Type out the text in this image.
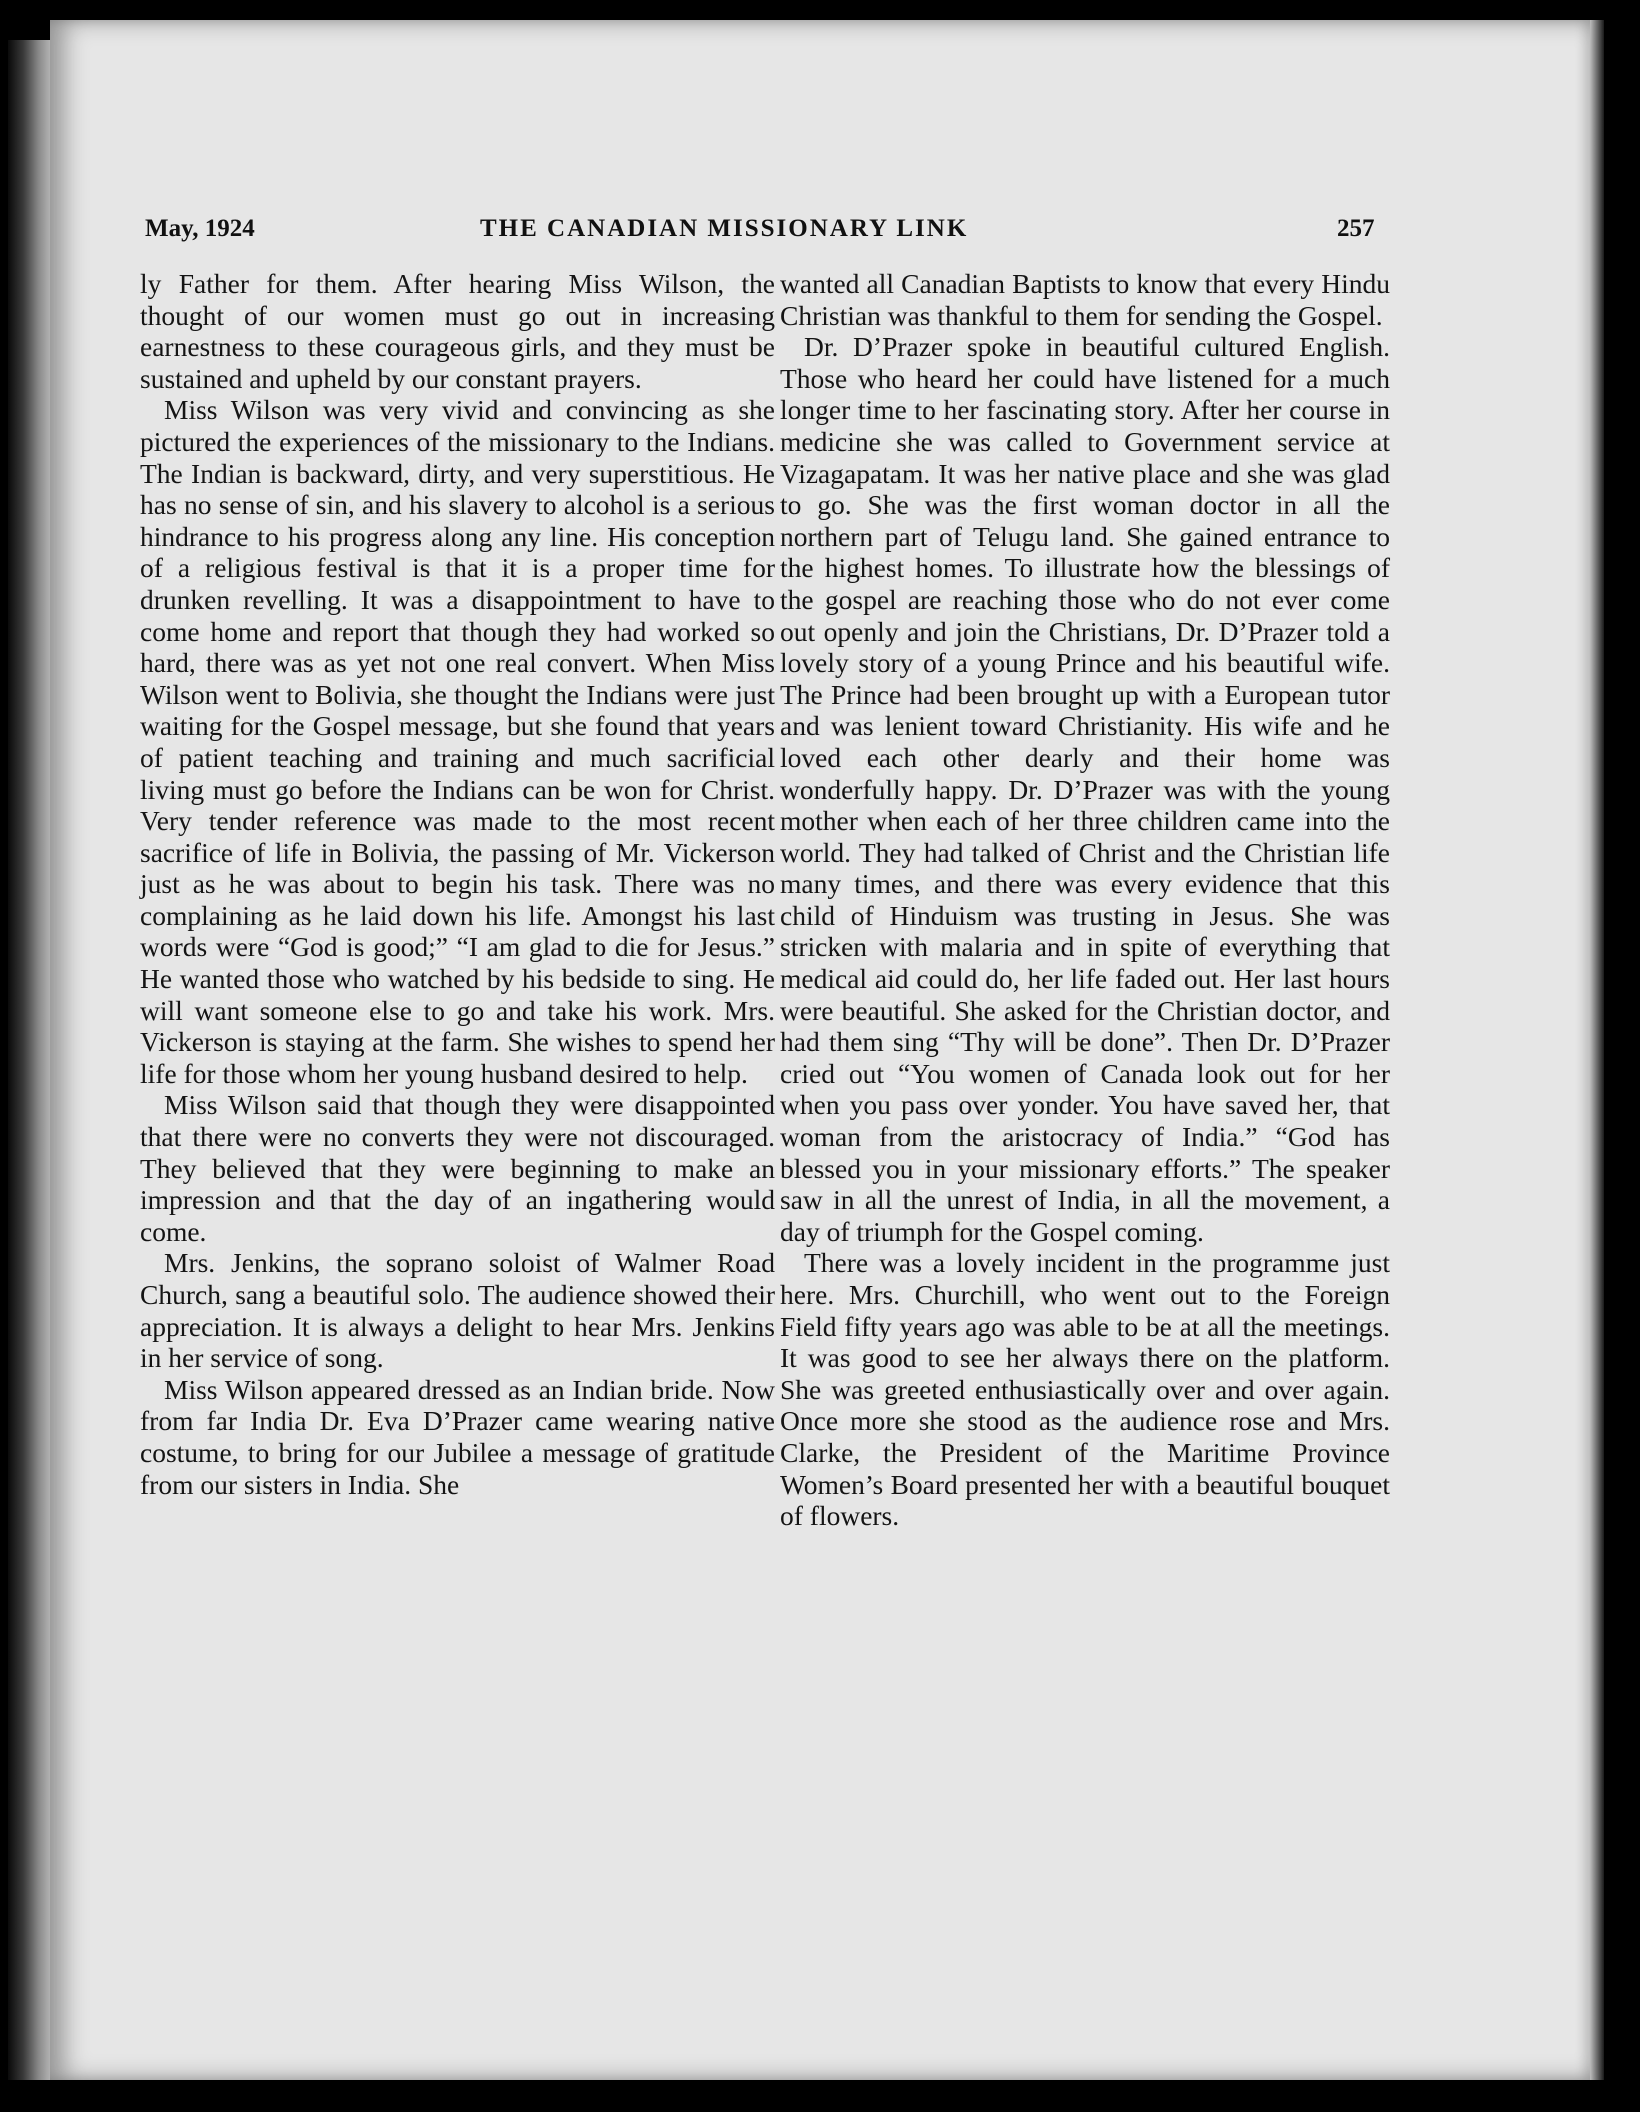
May, 1924	THE CANADIAN MISSIONARY LINK	257

ly Father for them. After hearing Miss Wilson, the thought of our women must go out in increasing earnestness to these courageous girls, and they must be sustained and upheld by our constant prayers.

Miss Wilson was very vivid and convincing as she pictured the experiences of the missionary to the Indians. The Indian is backward, dirty, and very superstitious. He has no sense of sin, and his slavery to alcohol is a serious hindrance to his progress along any line. His conception of a religious festival is that it is a proper time for drunken revelling. It was a disappointment to have to come home and report that though they had worked so hard, there was as yet not one real convert. When Miss Wilson went to Bolivia, she thought the Indians were just waiting for the Gospel message, but she found that years of patient teaching and training and much sacrificial living must go before the Indians can be won for Christ. Very tender reference was made to the most recent sacrifice of life in Bolivia, the passing of Mr. Vickerson just as he was about to begin his task. There was no complaining as he laid down his life. Amongst his last words were “God is good;” “I am glad to die for Jesus.” He wanted those who watched by his bedside to sing. He will want someone else to go and take his work. Mrs. Vickerson is staying at the farm. She wishes to spend her life for those whom her young husband desired to help.

Miss Wilson said that though they were disappointed that there were no converts they were not discouraged. They believed that they were beginning to make an impression and that the day of an ingathering would come.

Mrs. Jenkins, the soprano soloist of Walmer Road Church, sang a beautiful solo. The audience showed their appreciation. It is always a delight to hear Mrs. Jenkins in her service of song.

Miss Wilson appeared dressed as an Indian bride. Now from far India Dr. Eva D’Prazer came wearing native costume, to bring for our Jubilee a message of gratitude from our sisters in India. She

wanted all Canadian Baptists to know that every Hindu Christian was thankful to them for sending the Gospel.

Dr. D’Prazer spoke in beautiful cultured English. Those who heard her could have listened for a much longer time to her fascinating story. After her course in medicine she was called to Government service at Vizagapatam. It was her native place and she was glad to go. She was the first woman doctor in all the northern part of Telugu land. She gained entrance to the highest homes. To illustrate how the blessings of the gospel are reaching those who do not ever come out openly and join the Christians, Dr. D’Prazer told a lovely story of a young Prince and his beautiful wife. The Prince had been brought up with a European tutor and was lenient toward Christianity. His wife and he loved each other dearly and their home was wonderfully happy. Dr. D’Prazer was with the young mother when each of her three children came into the world. They had talked of Christ and the Christian life many times, and there was every evidence that this child of Hinduism was trusting in Jesus. She was stricken with malaria and in spite of everything that medical aid could do, her life faded out. Her last hours were beautiful. She asked for the Christian doctor, and had them sing “Thy will be done”. Then Dr. D’Prazer cried out “You women of Canada look out for her when you pass over yonder. You have saved her, that woman from the aristocracy of India.” “God has blessed you in your missionary efforts.” The speaker saw in all the unrest of India, in all the movement, a day of triumph for the Gospel coming.

There was a lovely incident in the programme just here. Mrs. Churchill, who went out to the Foreign Field fifty years ago was able to be at all the meetings. It was good to see her always there on the platform. She was greeted enthusiastically over and over again. Once more she stood as the audience rose and Mrs. Clarke, the President of the Maritime Province Women’s Board presented her with a beautiful bouquet of flowers.
